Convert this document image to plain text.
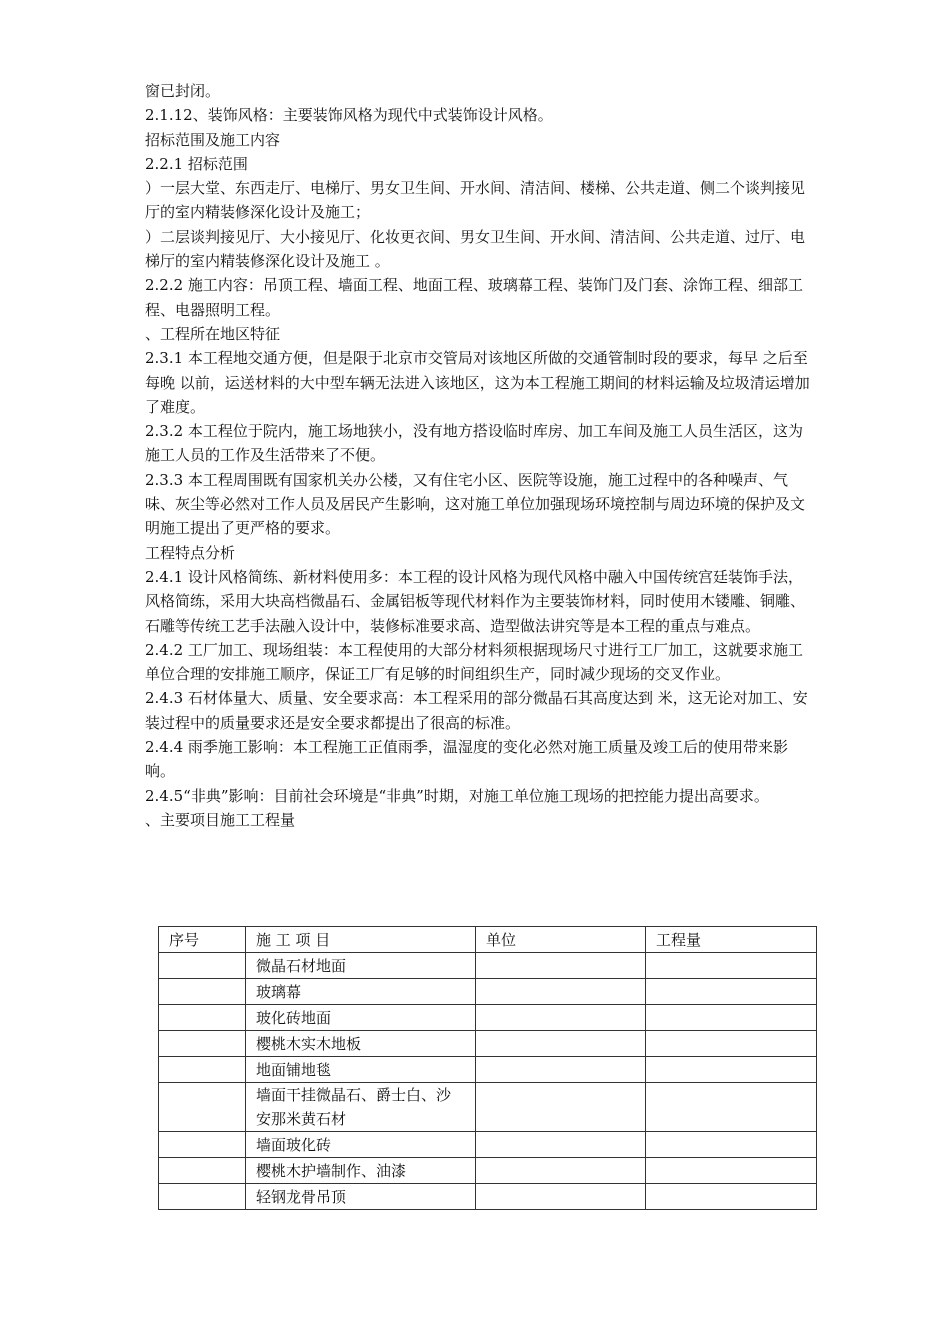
窗已封闭。

2.1.12、装饰风格：主要装饰风格为现代中式装饰设计风格。

招标范围及施工内容

2.2.1 招标范围

）一层大堂、东西走厅、电梯厅、男女卫生间、开水间、清洁间、楼梯、公共走道、侧二个谈判接见厅的室内精装修深化设计及施工；

）二层谈判接见厅、大小接见厅、化妆更衣间、男女卫生间、开水间、清洁间、公共走道、过厅、电梯厅的室内精装修深化设计及施工 。

2.2.2 施工内容：吊顶工程、墙面工程、地面工程、玻璃幕工程、装饰门及门套、涂饰工程、细部工程、电器照明工程。

、工程所在地区特征

2.3.1 本工程地交通方便，但是限于北京市交管局对该地区所做的交通管制时段的要求，每早 之后至每晚 以前，运送材料的大中型车辆无法进入该地区，这为本工程施工期间的材料运输及垃圾清运增加了难度。

2.3.2 本工程位于院内，施工场地狭小，没有地方搭设临时库房、加工车间及施工人员生活区，这为施工人员的工作及生活带来了不便。

2.3.3 本工程周围既有国家机关办公楼，又有住宅小区、医院等设施，施工过程中的各种噪声、气味、灰尘等必然对工作人员及居民产生影响，这对施工单位加强现场环境控制与周边环境的保护及文明施工提出了更严格的要求。

工程特点分析

2.4.1 设计风格简练、新材料使用多：本工程的设计风格为现代风格中融入中国传统宫廷装饰手法，风格简练，采用大块高档微晶石、金属铝板等现代材料作为主要装饰材料，同时使用木镂雕、铜雕、石雕等传统工艺手法融入设计中，装修标准要求高、造型做法讲究等是本工程的重点与难点。

2.4.2 工厂加工、现场组装：本工程使用的大部分材料须根据现场尺寸进行工厂加工，这就要求施工单位合理的安排施工顺序，保证工厂有足够的时间组织生产，同时减少现场的交叉作业。

2.4.3 石材体量大、质量、安全要求高：本工程采用的部分微晶石其高度达到 米，这无论对加工、安装过程中的质量要求还是安全要求都提出了很高的标准。

2.4.4 雨季施工影响：本工程施工正值雨季，温湿度的变化必然对施工质量及竣工后的使用带来影响。

2.4.5“非典”影响：目前社会环境是“非典”时期，对施工单位施工现场的把控能力提出高要求。

、主要项目施工工程量

序号	施 工 项 目	单位	工程量
	微晶石材地面		
	玻璃幕		
	玻化砖地面		
	樱桃木实木地板		
	地面铺地毯		
	墙面干挂微晶石、爵士白、沙安那米黄石材		
	墙面玻化砖		
	樱桃木护墙制作、油漆		
	轻钢龙骨吊顶		
